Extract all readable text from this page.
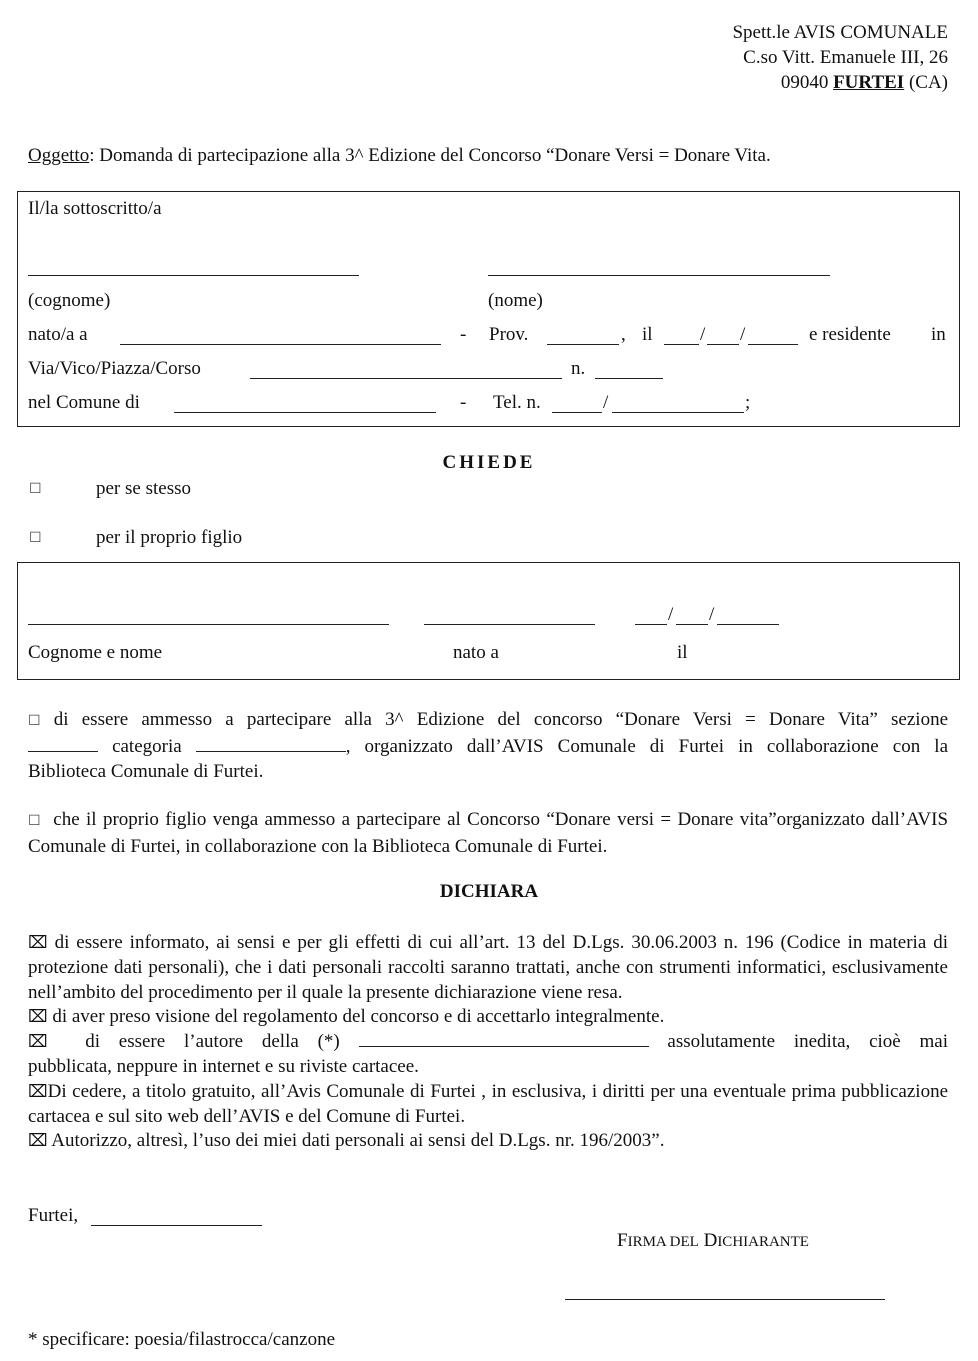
Spett.le AVIS COMUNALE
C.so Vitt. Emanuele III, 26
09040 FURTEI (CA)
Oggetto: Domanda di partecipazione alla 3^ Edizione del Concorso “Donare Versi = Donare Vita.
Il/la sottoscritto/a
(cognome)	(nome)
nato/a a	- Prov.	, il / /	e residente in
Via/Vico/Piazza/Corso	n.
nel Comune di	- Tel. n.	/	;
CHIEDE
☐	per se stesso
☐	per il proprio figlio
/ /
Cognome e nome	nato a	il
☐ di essere ammesso a partecipare alla 3^ Edizione del concorso “Donare Versi = Donare Vita” sezione
categoria	, organizzato dall’AVIS Comunale di Furtei in collaborazione con la
Biblioteca Comunale di Furtei.
☐ che il proprio figlio venga ammesso a partecipare al Concorso “Donare versi = Donare vita”organizzato dall’AVIS Comunale di Furtei, in collaborazione con la Biblioteca Comunale di Furtei.
DICHIARA
⌧ di essere informato, ai sensi e per gli effetti di cui all’art. 13 del D.Lgs. 30.06.2003 n. 196 (Codice in materia di protezione dati personali), che i dati personali raccolti saranno trattati, anche con strumenti informatici, esclusivamente nell’ambito del procedimento per il quale la presente dichiarazione viene resa.
⌧ di aver preso visione del regolamento del concorso e di accettarlo integralmente.
⌧ di essere l’autore della (*)	assolutamente inedita, cioè mai
pubblicata, neppure in internet e su riviste cartacee.
⌧Di cedere, a titolo gratuito, all’Avis Comunale di Furtei , in esclusiva, i diritti per una eventuale prima pubblicazione cartacea e sul sito web dell’AVIS e del Comune di Furtei.
⌧ Autorizzo, altresì, l’uso dei miei dati personali ai sensi del D.Lgs. nr. 196/2003”.
Furtei,
FIRMA DEL DICHIARANTE
* specificare: poesia/filastrocca/canzone
